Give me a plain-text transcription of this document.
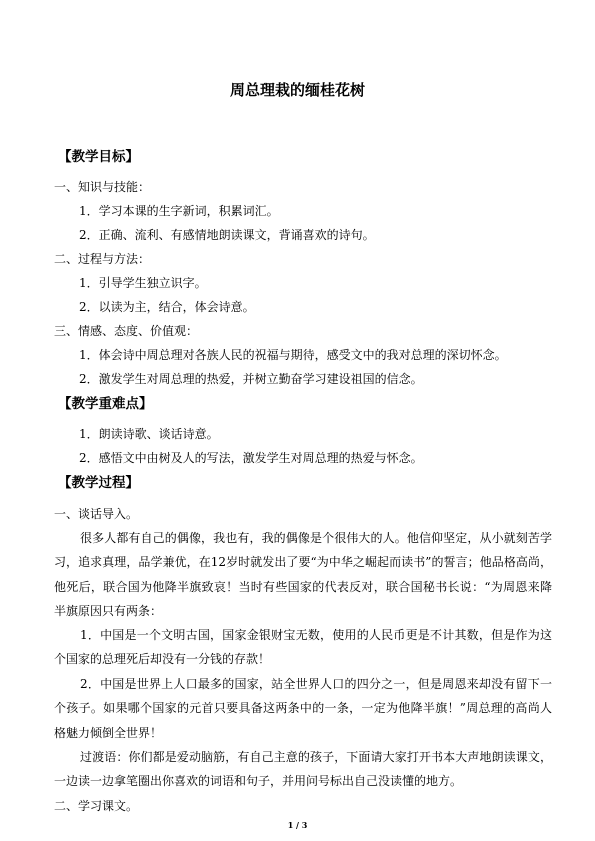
周总理栽的缅桂花树
【教学目标】
一、知识与技能：
1．学习本课的生字新词，积累词汇。
2．正确、流利、有感情地朗读课文，背诵喜欢的诗句。
二、过程与方法：
1．引导学生独立识字。
2．以读为主，结合，体会诗意。
三、情感、态度、价值观：
1．体会诗中周总理对各族人民的祝福与期待，感受文中的我对总理的深切怀念。
2．激发学生对周总理的热爱，并树立勤奋学习建设祖国的信念。
【教学重难点】
1．朗读诗歌、谈话诗意。
2．感悟文中由树及人的写法，激发学生对周总理的热爱与怀念。
【教学过程】
一、谈话导入。
很多人都有自己的偶像，我也有，我的偶像是个很伟大的人。他信仰坚定，从小就刻苦学习，追求真理，品学兼优，在12岁时就发出了要“为中华之崛起而读书”的誓言；他品格高尚，他死后，联合国为他降半旗致哀！当时有些国家的代表反对，联合国秘书长说：“为周恩来降半旗原因只有两条：
1．中国是一个文明古国，国家金银财宝无数，使用的人民币更是不计其数，但是作为这个国家的总理死后却没有一分钱的存款！
2．中国是世界上人口最多的国家，站全世界人口的四分之一，但是周恩来却没有留下一个孩子。如果哪个国家的元首只要具备这两条中的一条，一定为他降半旗！”周总理的高尚人格魅力倾倒全世界！
过渡语：你们都是爱动脑筋，有自己主意的孩子，下面请大家打开书本大声地朗读课文，一边读一边拿笔圈出你喜欢的词语和句子，并用问号标出自己没读懂的地方。
二、学习课文。
1 / 3
